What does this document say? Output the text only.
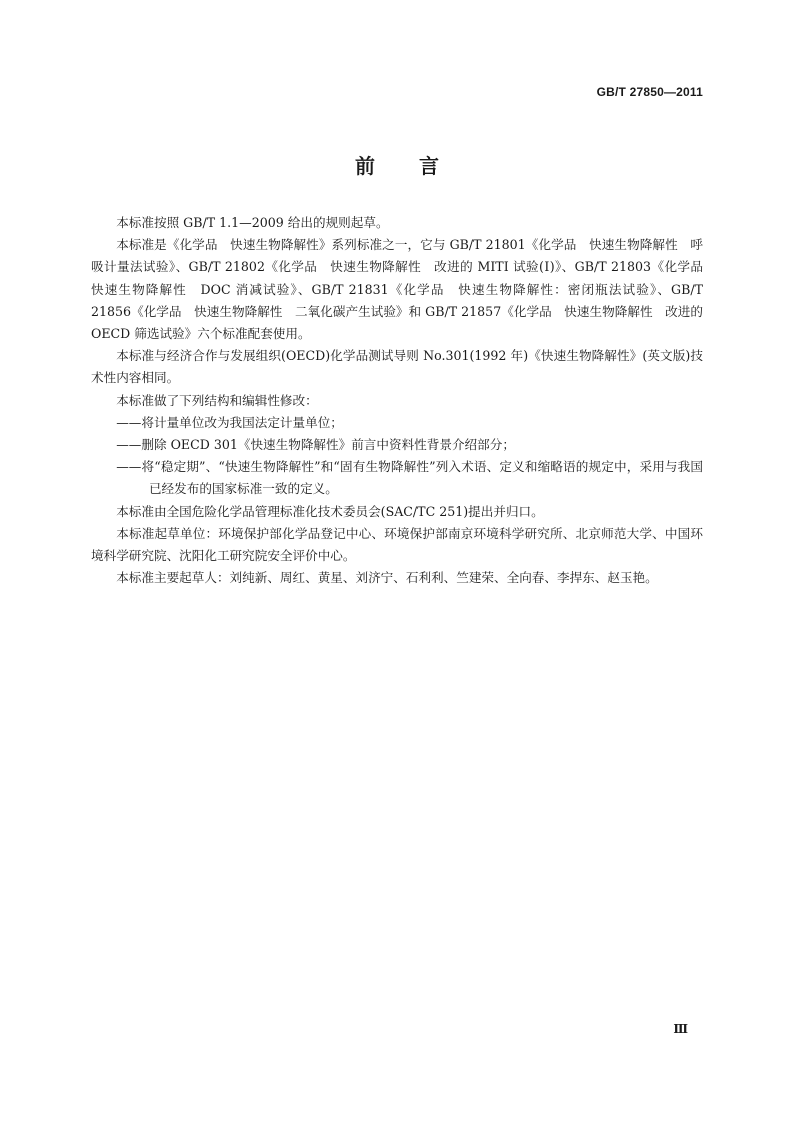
GB/T 27850—2011
前 言

本标准按照 GB/T 1.1—2009 给出的规则起草。

本标准是《化学品　快速生物降解性》系列标准之一，它与 GB/T 21801《化学品　快速生物降解性　呼吸计量法试验》、GB/T 21802《化学品　快速生物降解性　改进的 MITI 试验(Ⅰ)》、GB/T 21803《化学品　快速生物降解性　DOC 消减试验》、GB/T 21831《化学品　快速生物降解性：密闭瓶法试验》、GB/T 21856《化学品　快速生物降解性　二氧化碳产生试验》和 GB/T 21857《化学品　快速生物降解性　改进的 OECD 筛选试验》六个标准配套使用。

本标准与经济合作与发展组织(OECD)化学品测试导则 No.301(1992 年)《快速生物降解性》(英文版)技术性内容相同。

本标准做了下列结构和编辑性修改：

——将计量单位改为我国法定计量单位；

——删除 OECD 301《快速生物降解性》前言中资料性背景介绍部分；

——将“稳定期”、“快速生物降解性”和“固有生物降解性”列入术语、定义和缩略语的规定中，采用与我国已经发布的国家标准一致的定义。

本标准由全国危险化学品管理标准化技术委员会(SAC/TC 251)提出并归口。

本标准起草单位：环境保护部化学品登记中心、环境保护部南京环境科学研究所、北京师范大学、中国环境科学研究院、沈阳化工研究院安全评价中心。

本标准主要起草人：刘纯新、周红、黄星、刘济宁、石利利、竺建荣、全向春、李捍东、赵玉艳。

Ⅲ
